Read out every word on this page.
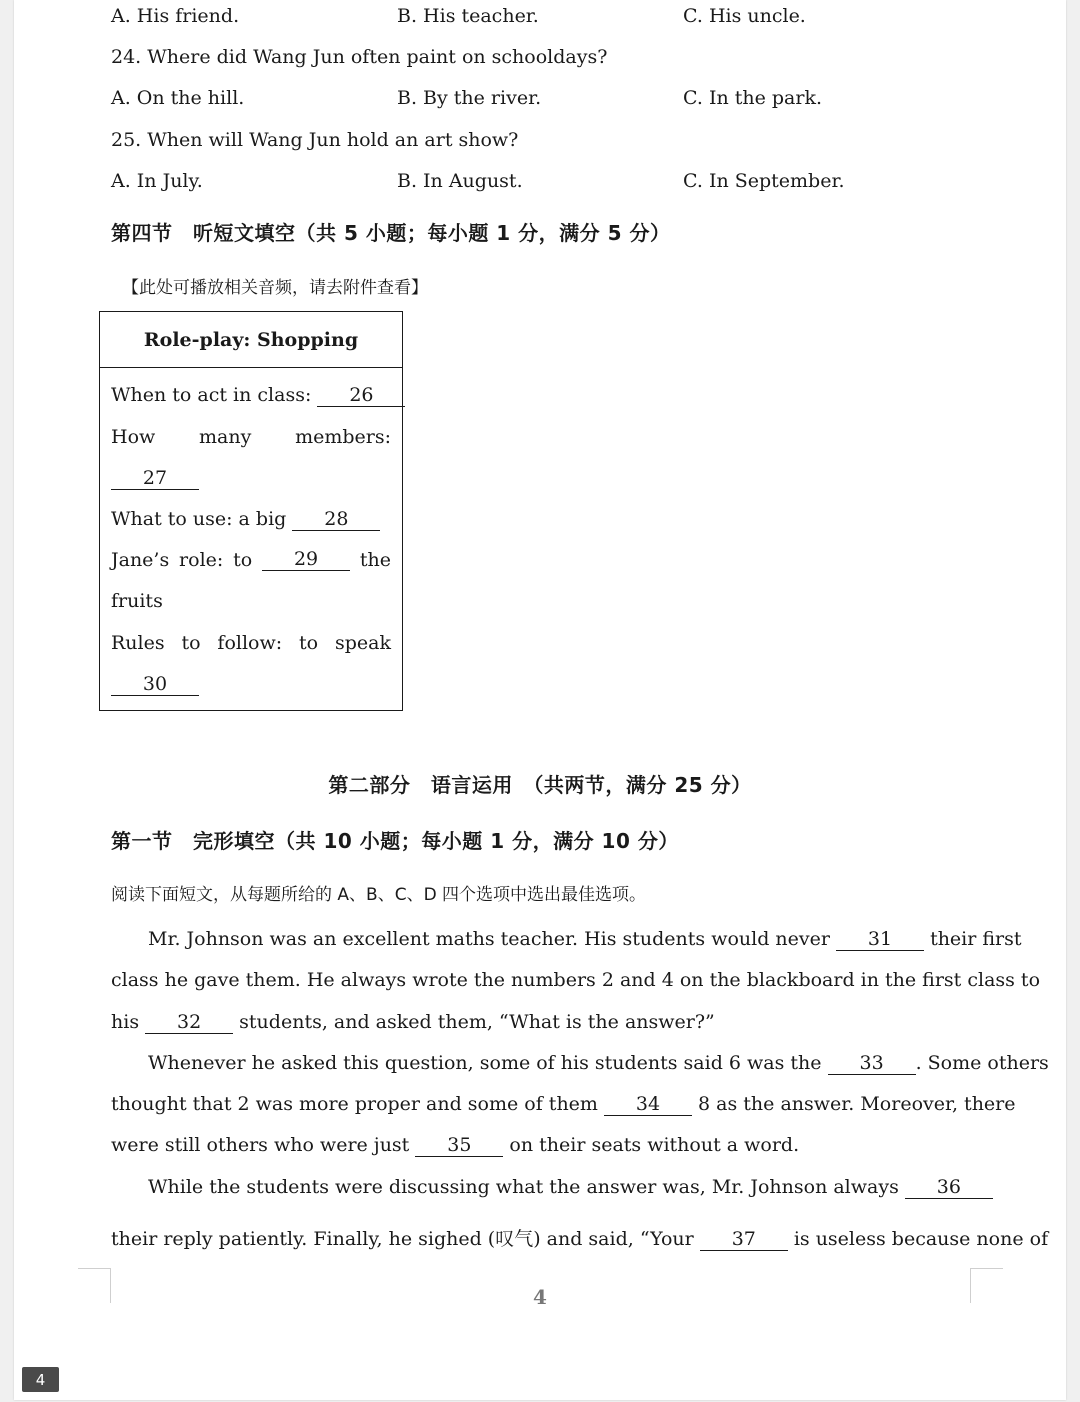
A. His friend.	B. His teacher.	C. His uncle.
24. Where did Wang Jun often paint on schooldays?
A. On the hill.	B. By the river.	C. In the park.
25. When will Wang Jun hold an art show?
A. In July.	B. In August.	C. In September.
第四节　听短文填空（共 5 小题；每小题 1 分，满分 5 分）
【此处可播放相关音频，请去附件查看】
Role-play: Shopping
When to act in class: 26
How many members:
27
What to use: a big 28
Jane’s role: to	29	the
fruits
Rules to follow: to speak
30
第二部分　语言运用　（共两节，满分 25 分）
第一节　完形填空（共 10 小题；每小题 1 分，满分 10 分）
阅读下面短文，从每题所给的 A、B、C、D 四个选项中选出最佳选项。
Mr. Johnson was an excellent maths teacher. His students would never 31 their first
class he gave them. He always wrote the numbers 2 and 4 on the blackboard in the first class to
his 32 students, and asked them, “What is the answer?”
Whenever he asked this question, some of his students said 6 was the 33 . Some others
thought that 2 was more proper and some of them 34 8 as the answer. Moreover, there
were still others who were just 35 on their seats without a word.
While the students were discussing what the answer was, Mr. Johnson always 36
their reply patiently. Finally, he sighed (叹气) and said, “Your 37 is useless because none of
4
4
